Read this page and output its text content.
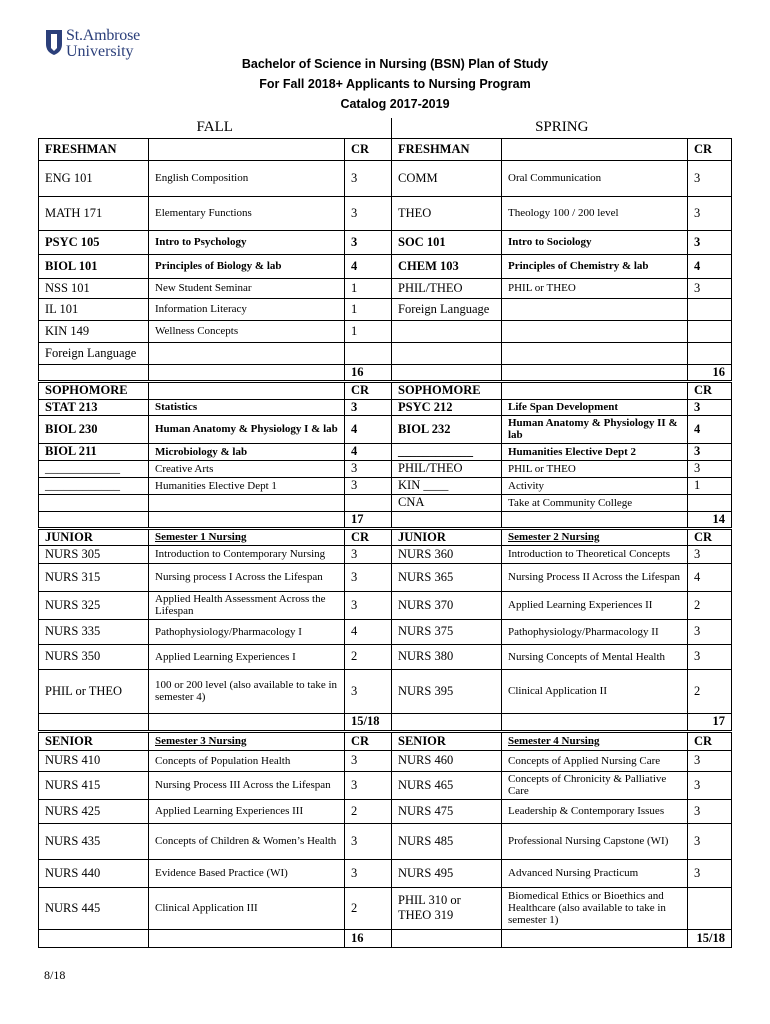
St.Ambrose
University
Bachelor of Science in Nursing (BSN) Plan of Study
For Fall 2018+ Applicants to Nursing Program
Catalog 2017-2019
FALL			SPRING		
FRESHMAN		CR	FRESHMAN		CR
ENG 101	English Composition	3	COMM	Oral Communication	3
MATH 171	Elementary Functions	3	THEO	Theology 100 / 200 level	3
PSYC 105	Intro to Psychology	3	SOC 101	Intro to Sociology	3
BIOL 101	Principles of Biology & lab	4	CHEM 103	Principles of Chemistry & lab	4
NSS 101	New Student Seminar	1	PHIL/THEO	PHIL or THEO	3
IL 101	Information Literacy	1	Foreign Language		
KIN 149	Wellness Concepts	1			
Foreign Language					
		16			16
SOPHOMORE		CR	SOPHOMORE		CR
STAT 213	Statistics	3	PSYC 212	Life Span Development	3
BIOL 230	Human Anatomy & Physiology I & lab	4	BIOL 232	Human Anatomy & Physiology II & lab	4
BIOL 211	Microbiology & lab	4	____________	Humanities Elective Dept 2	3
____________	Creative Arts	3	PHIL/THEO	PHIL or THEO	3
____________	Humanities Elective Dept 1	3	KIN ____	Activity	1
			CNA	Take at Community College	
		17			14
JUNIOR	Semester 1 Nursing	CR	JUNIOR	Semester 2 Nursing	CR
NURS 305	Introduction to Contemporary Nursing	3	NURS 360	Introduction to Theoretical Concepts	3
NURS 315	Nursing process I Across the Lifespan	3	NURS 365	Nursing Process II Across the Lifespan	4
NURS 325	Applied Health Assessment Across the Lifespan	3	NURS 370	Applied Learning Experiences II	2
NURS 335	Pathophysiology/Pharmacology I	4	NURS 375	Pathophysiology/Pharmacology II	3
NURS 350	Applied Learning Experiences I	2	NURS 380	Nursing Concepts of Mental Health	3
PHIL or THEO	100 or 200 level (also available to take in semester 4)	3	NURS 395	Clinical Application II	2
		15/18			17
SENIOR	Semester 3 Nursing	CR	SENIOR	Semester 4 Nursing	CR
NURS 410	Concepts of Population Health	3	NURS 460	Concepts of Applied Nursing Care	3
NURS 415	Nursing Process III Across the Lifespan	3	NURS 465	Concepts of Chronicity & Palliative Care	3
NURS 425	Applied Learning Experiences III	2	NURS 475	Leadership & Contemporary Issues	3
NURS 435	Concepts of Children & Women’s Health	3	NURS 485	Professional Nursing Capstone (WI)	3
NURS 440	Evidence Based Practice (WI)	3	NURS 495	Advanced Nursing Practicum	3
NURS 445	Clinical Application III	2	PHIL 310 or THEO 319	Biomedical Ethics or Bioethics and Healthcare (also available to take in semester 1)	
		16			15/18
8/18
